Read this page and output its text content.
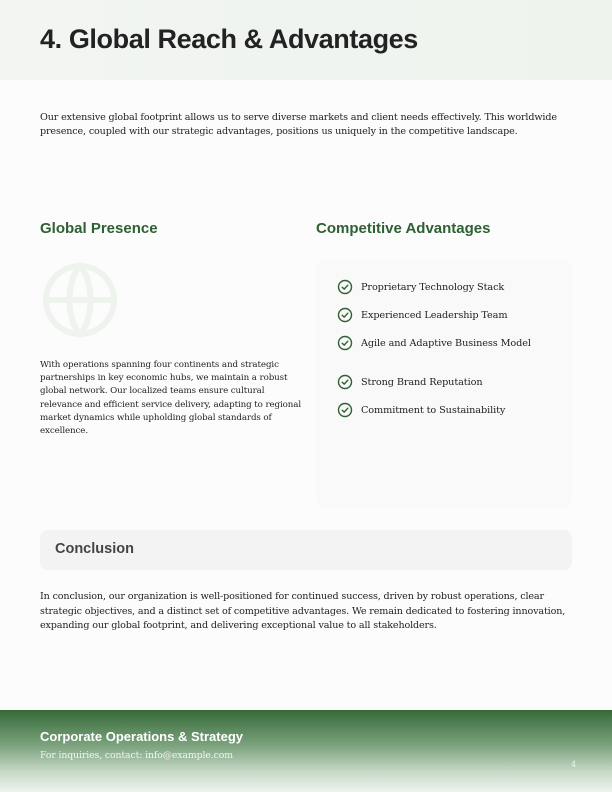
4. Global Reach & Advantages

Our extensive global footprint allows us to serve diverse markets and client needs effectively. This worldwide presence, coupled with our strategic advantages, positions us uniquely in the competitive landscape.

Global Presence

With operations spanning four continents and strategic partnerships in key economic hubs, we maintain a robust global network. Our localized teams ensure cultural relevance and efficient service delivery, adapting to regional market dynamics while upholding global standards of excellence.

Competitive Advantages
Proprietary Technology Stack
Experienced Leadership Team
Agile and Adaptive Business Model
Strong Brand Reputation
Commitment to Sustainability
Conclusion

In conclusion, our organization is well-positioned for continued success, driven by robust operations, clear strategic objectives, and a distinct set of competitive advantages. We remain dedicated to fostering innovation, expanding our global footprint, and delivering exceptional value to all stakeholders.

Corporate Operations & Strategy
For inquiries, contact: info@example.com
4
